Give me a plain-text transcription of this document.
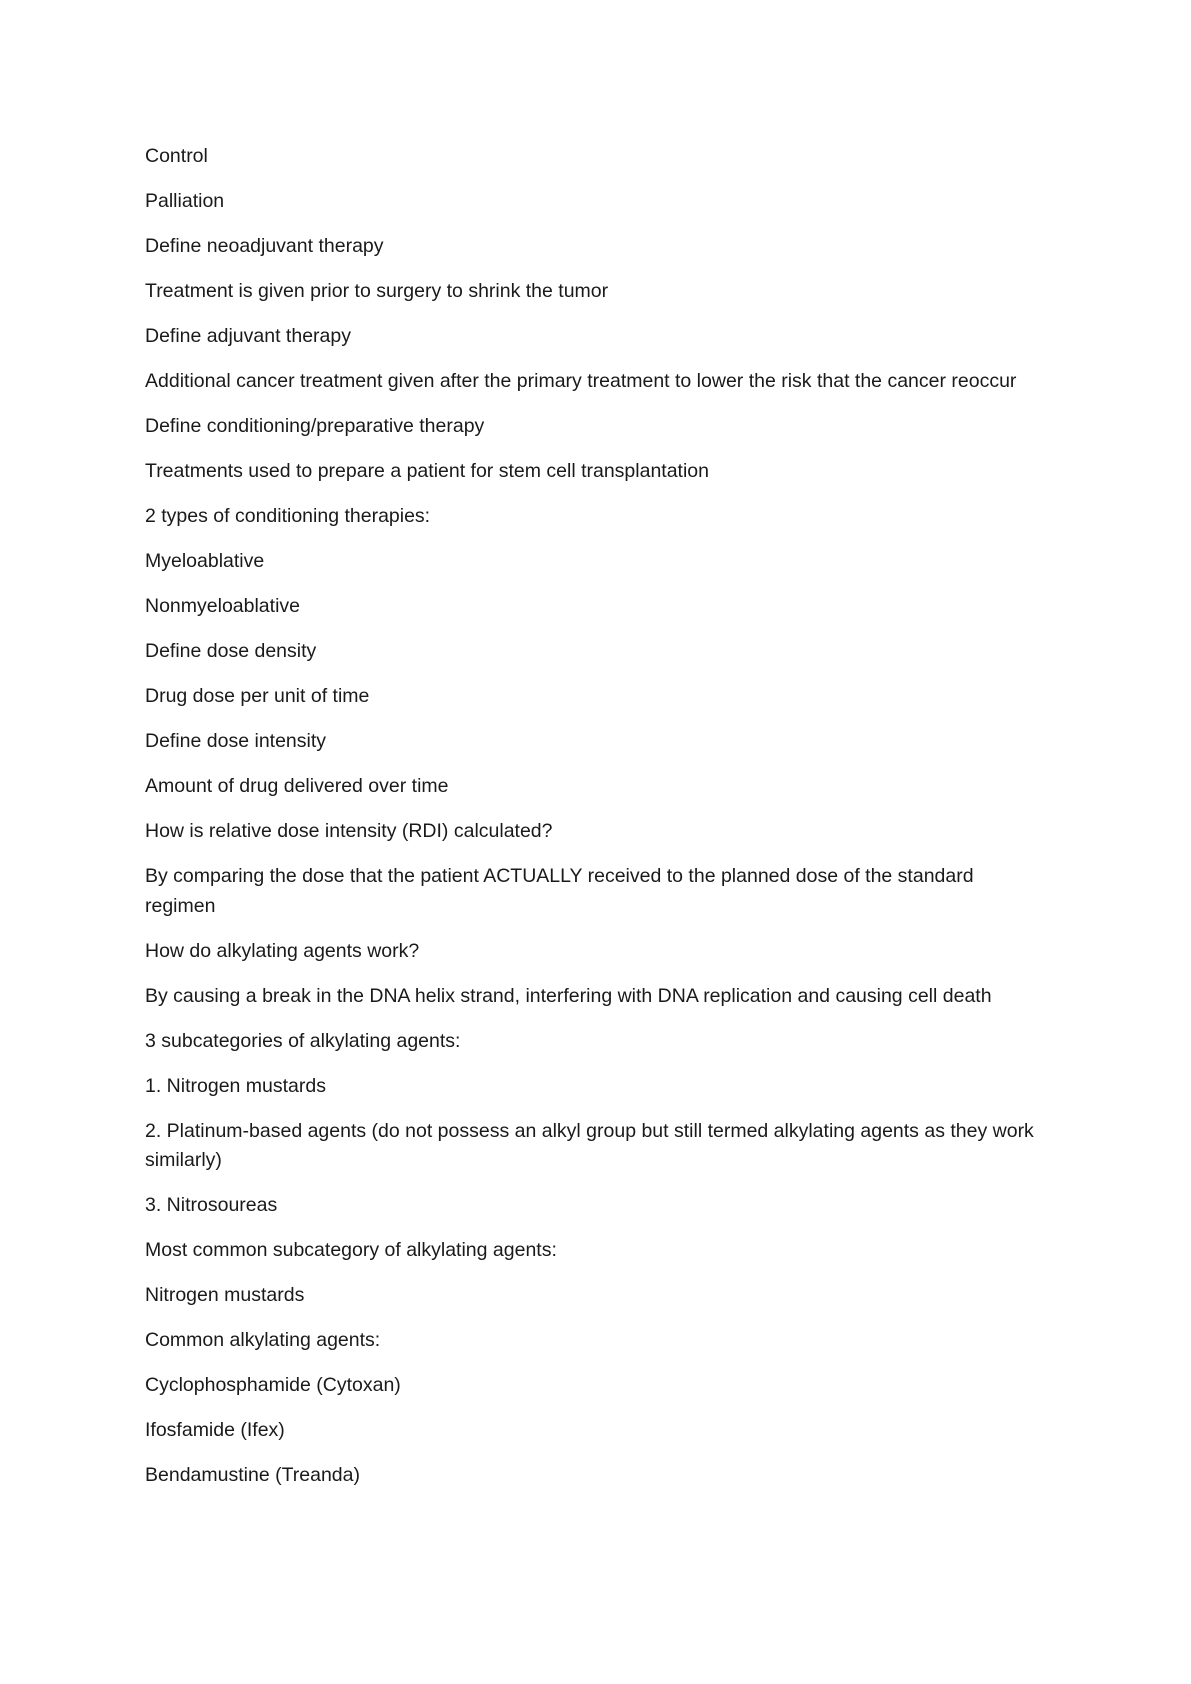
Control

Palliation

Define neoadjuvant therapy

Treatment is given prior to surgery to shrink the tumor

Define adjuvant therapy

Additional cancer treatment given after the primary treatment to lower the risk that the cancer reoccur

Define conditioning/preparative therapy

Treatments used to prepare a patient for stem cell transplantation

2 types of conditioning therapies:

Myeloablative

Nonmyeloablative

Define dose density

Drug dose per unit of time

Define dose intensity

Amount of drug delivered over time

How is relative dose intensity (RDI) calculated?

By comparing the dose that the patient ACTUALLY received to the planned dose of the standard regimen

How do alkylating agents work?

By causing a break in the DNA helix strand, interfering with DNA replication and causing cell death

3 subcategories of alkylating agents:

1. Nitrogen mustards

2. Platinum-based agents (do not possess an alkyl group but still termed alkylating agents as they work similarly)

3. Nitrosoureas

Most common subcategory of alkylating agents:

Nitrogen mustards

Common alkylating agents:

Cyclophosphamide (Cytoxan)

Ifosfamide (Ifex)

Bendamustine (Treanda)
